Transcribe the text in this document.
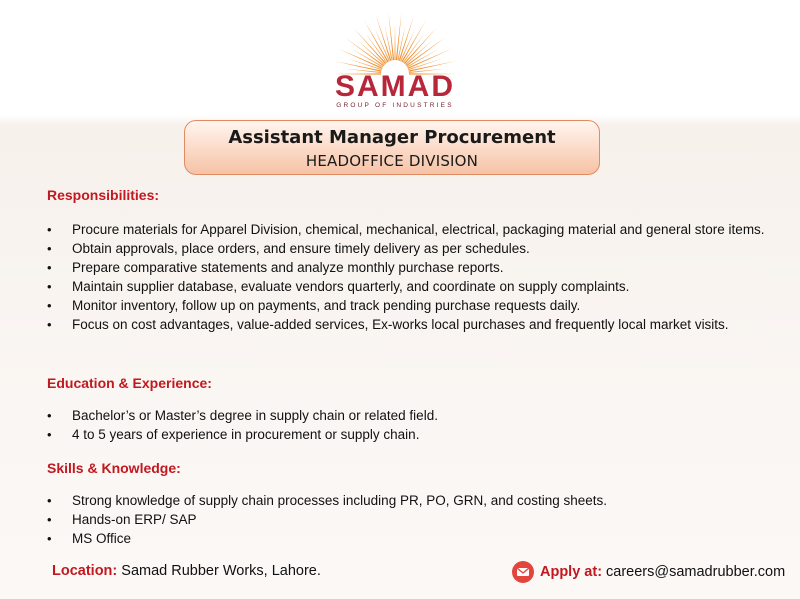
SAMAD
GROUP OF INDUSTRIES
Assistant Manager Procurement
HEADOFFICE DIVISION
Responsibilities:
• Procure materials for Apparel Division, chemical, mechanical, electrical, packaging material and general store items.
• Obtain approvals, place orders, and ensure timely delivery as per schedules.
• Prepare comparative statements and analyze monthly purchase reports.
• Maintain supplier database, evaluate vendors quarterly, and coordinate on supply complaints.
• Monitor inventory, follow up on payments, and track pending purchase requests daily.
• Focus on cost advantages, value-added services, Ex-works local purchases and frequently local market visits.
Education & Experience:
• Bachelor’s or Master’s degree in supply chain or related field.
• 4 to 5 years of experience in procurement or supply chain.
Skills & Knowledge:
• Strong knowledge of supply chain processes including PR, PO, GRN, and costing sheets.
• Hands-on ERP/ SAP
• MS Office
Location: Samad Rubber Works, Lahore.	Apply at: careers@samadrubber.com
